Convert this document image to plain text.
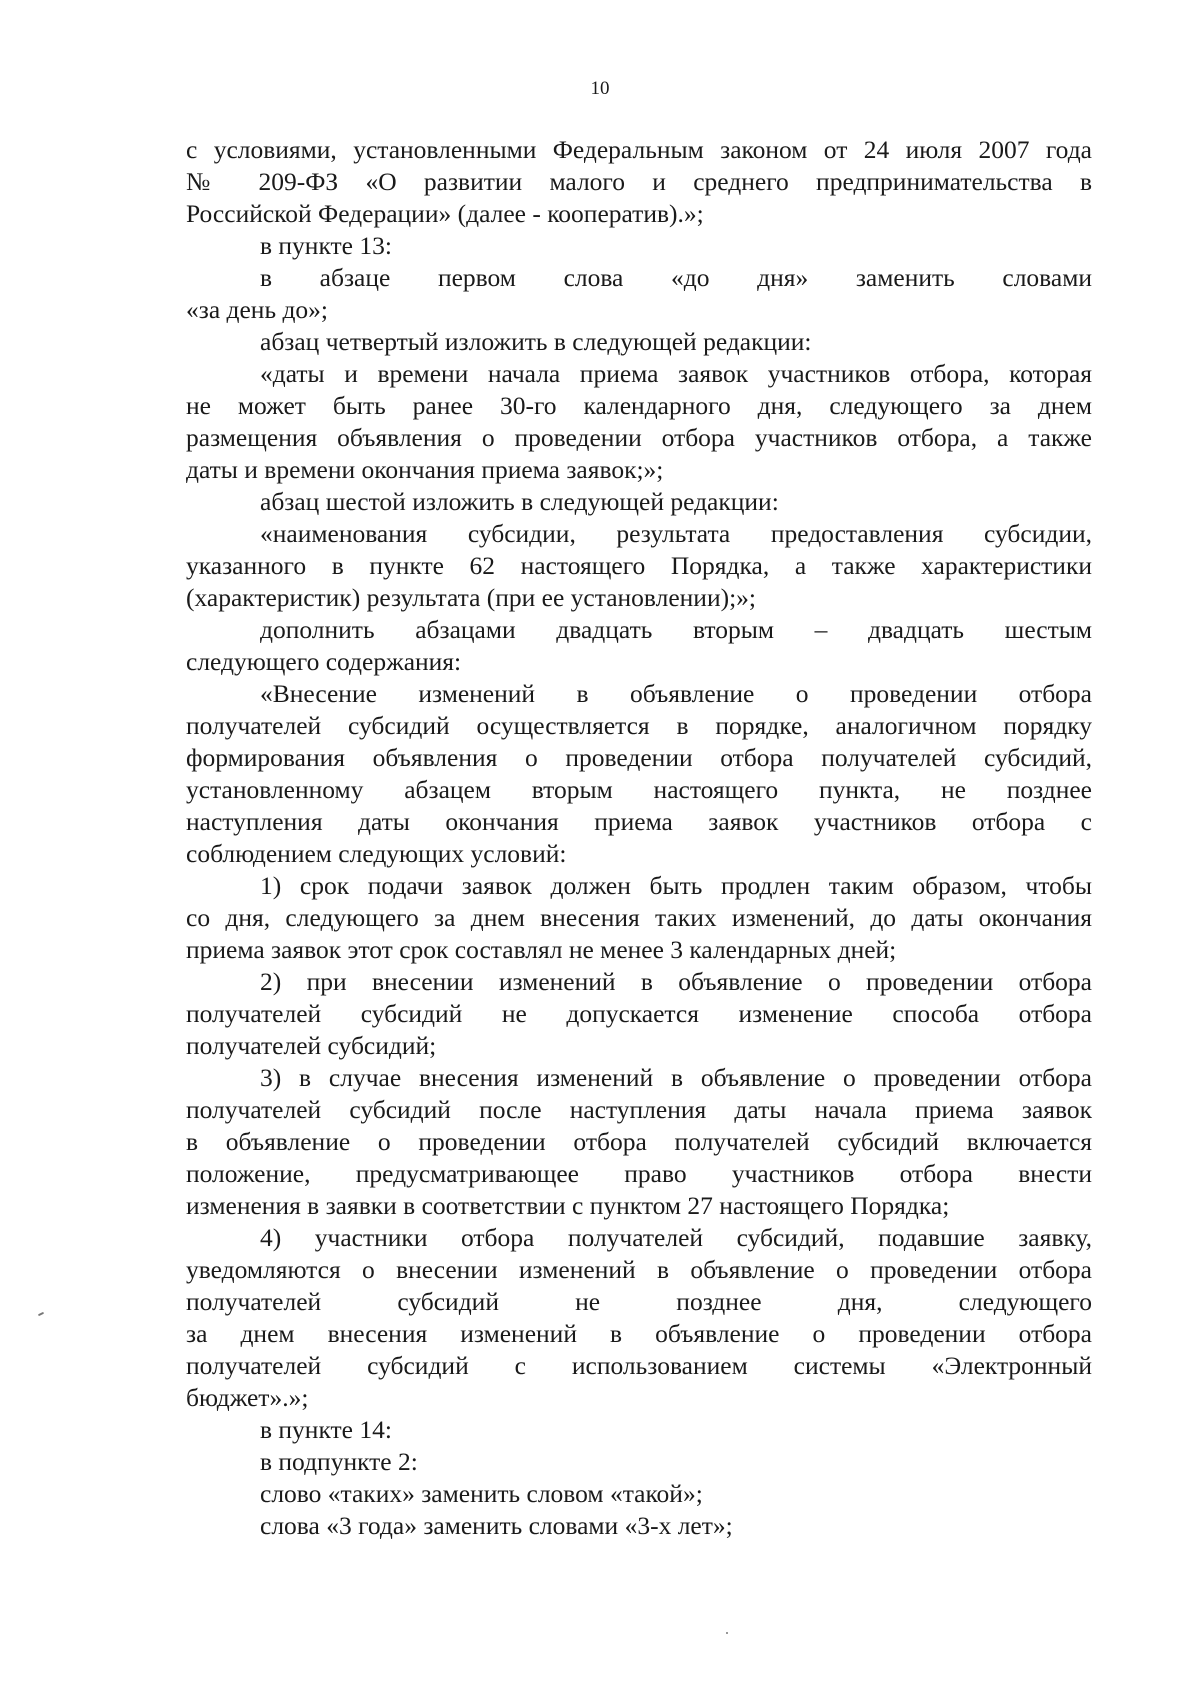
10
с условиями, установленными Федеральным законом от 24 июля 2007 года
№ 209-ФЗ «О развитии малого и среднего предпринимательства в
Российской Федерации» (далее - кооператив).»;
в пункте 13:
в абзаце первом слова «до дня» заменить словами
«за день до»;
абзац четвертый изложить в следующей редакции:
«даты и времени начала приема заявок участников отбора, которая
не может быть ранее 30-го календарного дня, следующего за днем
размещения объявления о проведении отбора участников отбора, а также
даты и времени окончания приема заявок;»;
абзац шестой изложить в следующей редакции:
«наименования субсидии, результата предоставления субсидии,
указанного в пункте 62 настоящего Порядка, а также характеристики
(характеристик) результата (при ее установлении);»;
дополнить абзацами двадцать вторым – двадцать шестым
следующего содержания:
«Внесение изменений в объявление о проведении отбора
получателей субсидий осуществляется в порядке, аналогичном порядку
формирования объявления о проведении отбора получателей субсидий,
установленному абзацем вторым настоящего пункта, не позднее
наступления даты окончания приема заявок участников отбора с
соблюдением следующих условий:
1) срок подачи заявок должен быть продлен таким образом, чтобы
со дня, следующего за днем внесения таких изменений, до даты окончания
приема заявок этот срок составлял не менее 3 календарных дней;
2) при внесении изменений в объявление о проведении отбора
получателей субсидий не допускается изменение способа отбора
получателей субсидий;
3) в случае внесения изменений в объявление о проведении отбора
получателей субсидий после наступления даты начала приема заявок
в объявление о проведении отбора получателей субсидий включается
положение, предусматривающее право участников отбора внести
изменения в заявки в соответствии с пунктом 27 настоящего Порядка;
4) участники отбора получателей субсидий, подавшие заявку,
уведомляются о внесении изменений в объявление о проведении отбора
получателей субсидий не позднее дня, следующего
за днем внесения изменений в объявление о проведении отбора
получателей субсидий с использованием системы «Электронный
бюджет».»;
в пункте 14:
в подпункте 2:
слово «таких» заменить словом «такой»;
слова «3 года» заменить словами «3-х лет»;
